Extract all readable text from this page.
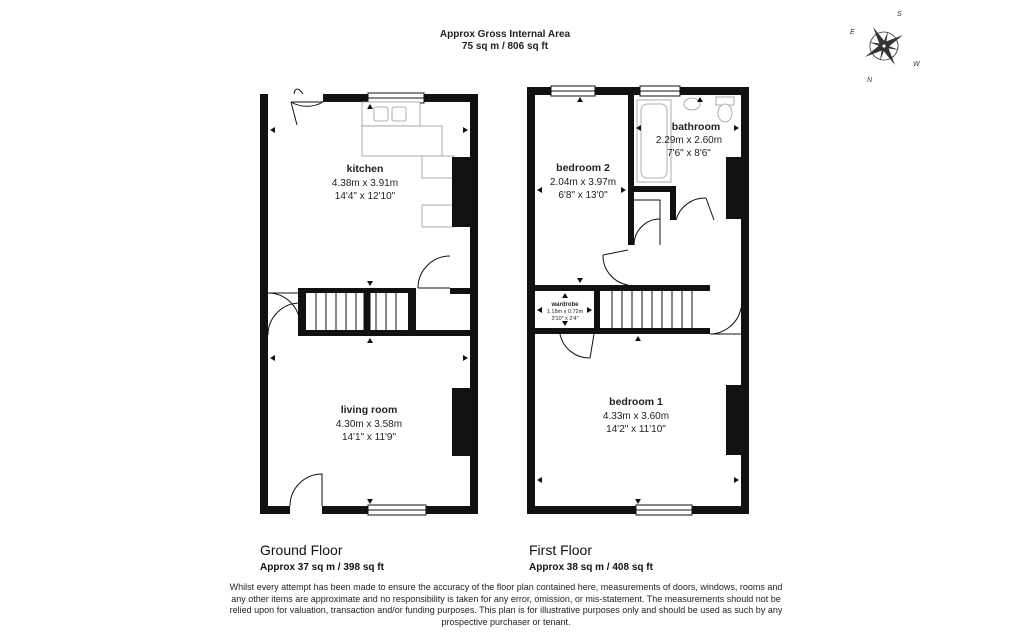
Approx Gross Internal Area
75 sq m / 806 sq ft
S
E
W
N
kitchen
4.38m x 3.91m
14'4" x 12'10"
living room
4.30m x 3.58m
14'1" x 11'9"
bedroom 2
2.04m x 3.97m
6'8" x 13'0"
bathroom
2.29m x 2.60m
7'6" x 8'6"
wardrobe
1.18m x 0.72m
3'10" x 2'4"
bedroom 1
4.33m x 3.60m
14'2" x 11'10"
Ground Floor
Approx 37 sq m / 398 sq ft
First Floor
Approx 38 sq m / 408 sq ft
Whilst every attempt has been made to ensure the accuracy of the floor plan contained here, measurements of doors, windows, rooms and any other items are approximate and no responsibility is taken for any error, omission, or mis-statement. The measurements should not be relied upon for valuation, transaction and/or funding purposes. This plan is for illustrative purposes only and should be used as such by any prospective purchaser or tenant.
